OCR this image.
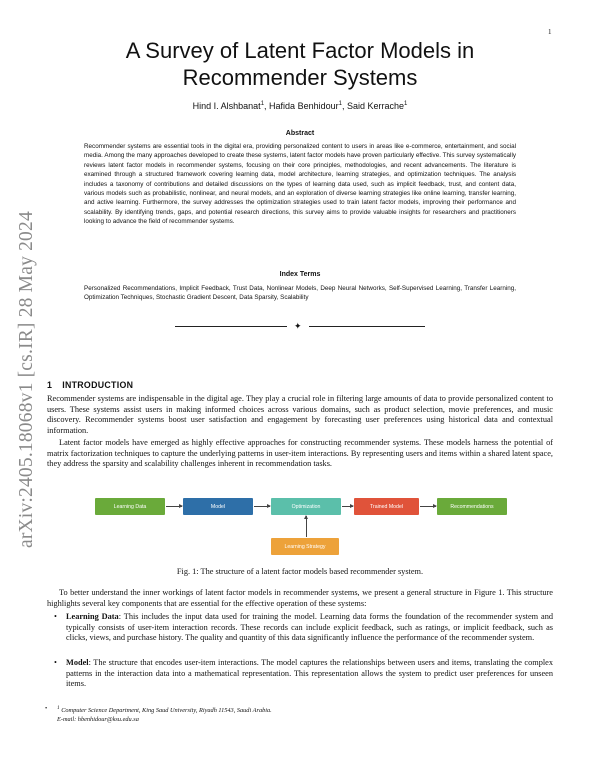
1
arXiv:2405.18068v1 [cs.IR] 28 May 2024
A Survey of Latent Factor Models in Recommender Systems
Hind I. Alshbanat$^1$, Hafida Benhidour$^1$, Said Kerrache$^1$
Abstract
Recommender systems are essential tools in the digital era, providing personalized content to users in areas like e-commerce, entertainment, and social media. Among the many approaches developed to create these systems, latent factor models have proven particularly effective. This survey systematically reviews latent factor models in recommender systems, focusing on their core principles, methodologies, and recent advancements. The literature is examined through a structured framework covering learning data, model architecture, learning strategies, and optimization techniques. The analysis includes a taxonomy of contributions and detailed discussions on the types of learning data used, such as implicit feedback, trust, and content data, various models such as probabilistic, nonlinear, and neural models, and an exploration of diverse learning strategies like online learning, transfer learning, and active learning. Furthermore, the survey addresses the optimization strategies used to train latent factor models, improving their performance and scalability. By identifying trends, gaps, and potential research directions, this survey aims to provide valuable insights for researchers and practitioners looking to advance the field of recommender systems.
Index Terms
Personalized Recommendations, Implicit Feedback, Trust Data, Nonlinear Models, Deep Neural Networks, Self-Supervised Learning, Transfer Learning, Optimization Techniques, Stochastic Gradient Descent, Data Sparsity, Scalability
✦
1 INTRODUCTION
Recommender systems are indispensable in the digital age. They play a crucial role in filtering large amounts of data to provide personalized content to users. These systems assist users in making informed choices across various domains, such as product selection, movie preferences, and music discovery. Recommender systems boost user satisfaction and engagement by forecasting user preferences using historical data and contextual information.
Latent factor models have emerged as highly effective approaches for constructing recommender systems. These models harness the potential of matrix factorization techniques to capture the underlying patterns in user-item interactions. By representing users and items within a shared latent space, they address the sparsity and scalability challenges inherent in recommendation tasks.
Learning Data	Model	Optimization	Trained Model	Recommendations
Learning Strategy
Fig. 1: The structure of a latent factor models based recommender system.
To better understand the inner workings of latent factor models in recommender systems, we present a general structure in Figure 1. This structure highlights several key components that are essential for the effective operation of these systems:
• Learning Data: This includes the input data used for training the model. Learning data forms the foundation of the recommender system and typically consists of user-item interaction records. These records can include explicit feedback, such as ratings, or implicit feedback, such as clicks, views, and purchase history. The quality and quantity of this data significantly influence the performance of the recommender system.
• Model: The structure that encodes user-item interactions. The model captures the relationships between users and items, translating the complex patterns in the interaction data into a mathematical representation. This representation allows the system to predict user preferences for unseen items.
• $^1$ Computer Science Department, King Saud University, Riyadh 11543, Saudi Arabia.
E-mail: hbenhidour@ksu.edu.sa
